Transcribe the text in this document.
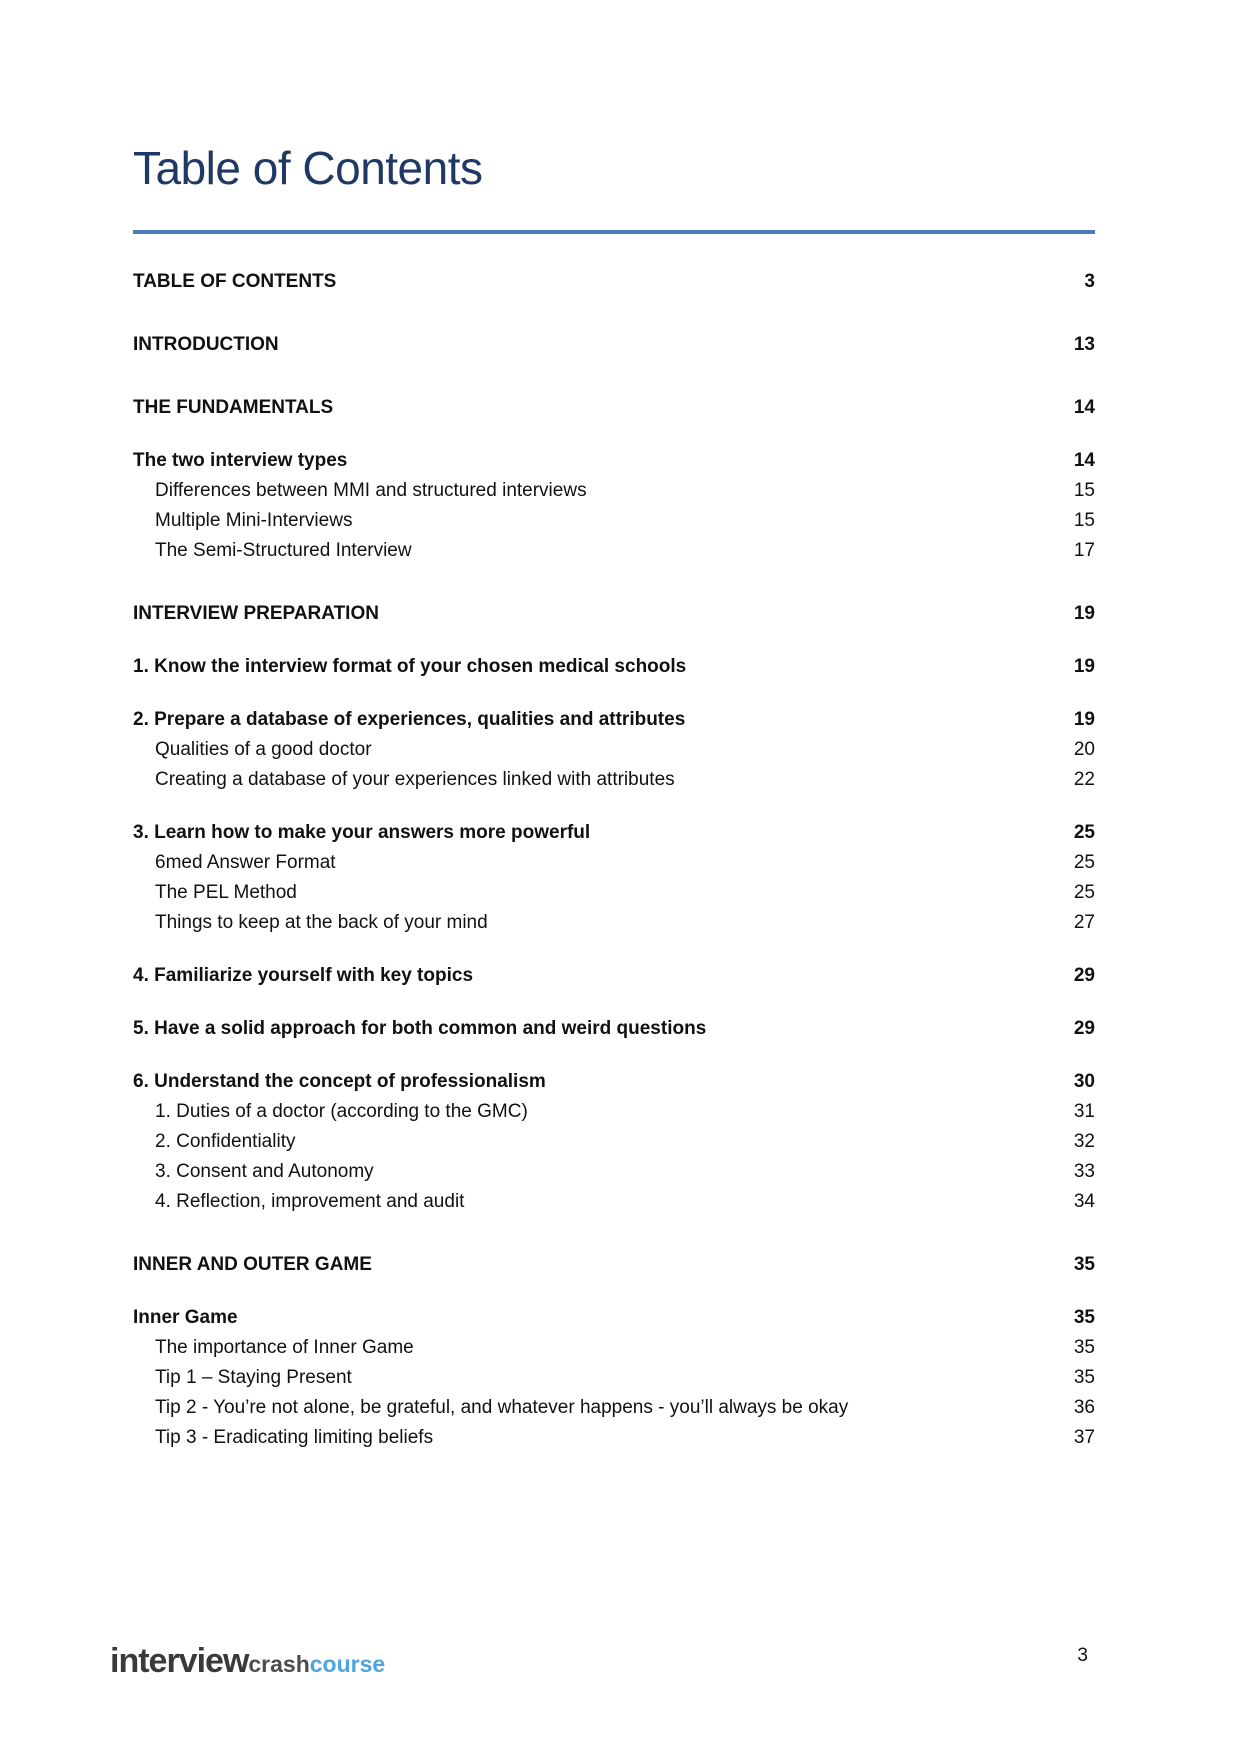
Table of Contents
TABLE OF CONTENTS	3
INTRODUCTION	13
THE FUNDAMENTALS	14
The two interview types	14
Differences between MMI and structured interviews	15
Multiple Mini-Interviews	15
The Semi-Structured Interview	17
INTERVIEW PREPARATION	19
1. Know the interview format of your chosen medical schools	19
2. Prepare a database of experiences, qualities and attributes	19
Qualities of a good doctor	20
Creating a database of your experiences linked with attributes	22
3. Learn how to make your answers more powerful	25
6med Answer Format	25
The PEL Method	25
Things to keep at the back of your mind	27
4. Familiarize yourself with key topics	29
5. Have a solid approach for both common and weird questions	29
6. Understand the concept of professionalism	30
1. Duties of a doctor (according to the GMC)	31
2. Confidentiality	32
3. Consent and Autonomy	33
4. Reflection, improvement and audit	34
INNER AND OUTER GAME	35
Inner Game	35
The importance of Inner Game	35
Tip 1 – Staying Present	35
Tip 2 - You’re not alone, be grateful, and whatever happens - you’ll always be okay	36
Tip 3 - Eradicating limiting beliefs	37
interviewcrashcourse	3
